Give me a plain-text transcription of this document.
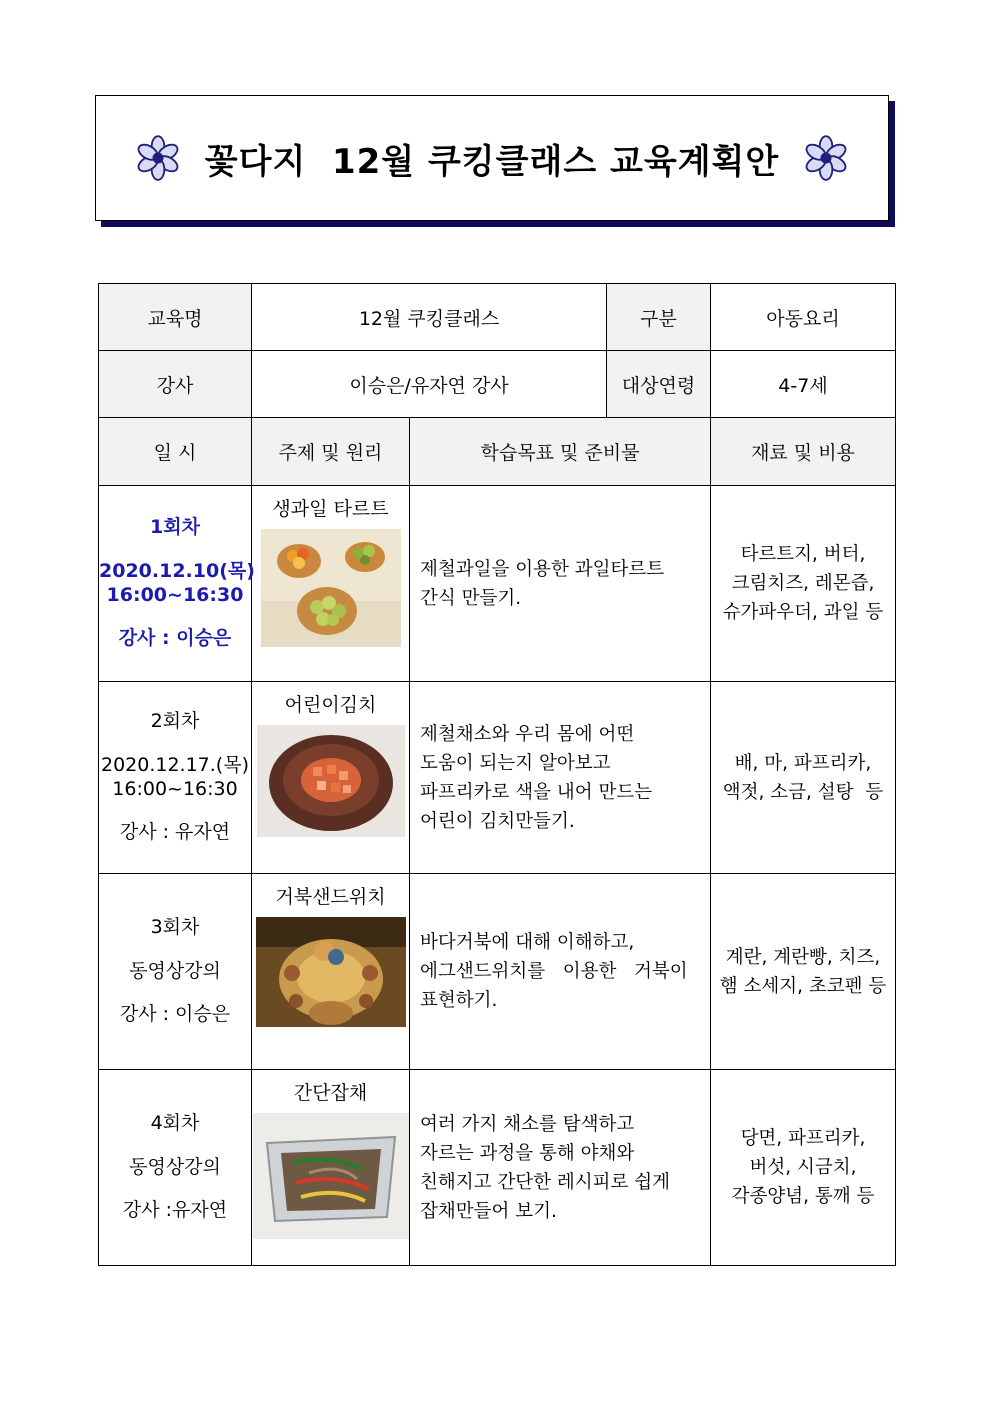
꽃다지  12월 쿠킹클래스 교육계획안
교육명	12월 쿠킹클래스		구분	아동요리
강사	이승은/유자연 강사		대상연령	4-7세
일 시	주제 및 원리	학습목표 및 준비물		재료 및 비용

1회차
2020.12.10(목)
16:00~16:30
강사 : 이승은	생과일 타르트	제철과일을 이용한 과일타르트
간식 만들기.		타르트지, 버터,
크림치즈, 레몬즙,
슈가파우더, 과일 등

2회차
2020.12.17.(목)
16:00~16:30
강사 : 유자연	어린이김치	제철채소와 우리 몸에 어떤
도움이 되는지 알아보고
파프리카로 색을 내어 만드는
어린이 김치만들기.		배, 마, 파프리카,
액젓, 소금, 설탕  등

3회차
동영상강의
강사 : 이승은	거북샌드위치	바다거북에 대해 이해하고,
에그샌드위치를   이용한   거북이
표현하기.		계란, 계란빵, 치즈,
햄 소세지, 초코펜 등

4회차
동영상강의
강사 :유자연	간단잡채	여러 가지 채소를 탐색하고
자르는 과정을 통해 야채와
친해지고 간단한 레시피로 쉽게
잡채만들어 보기.		당면, 파프리카,
버섯, 시금치,
각종양념, 통깨 등
